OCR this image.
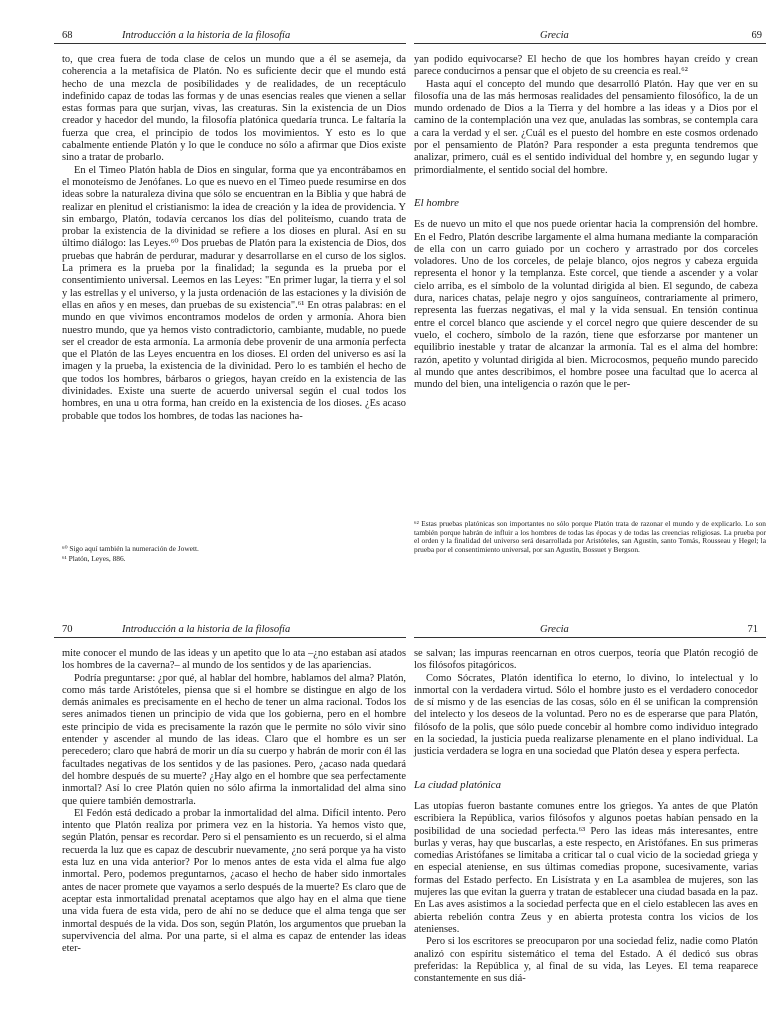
68	Introducción a la historia de la filosofía

to, que crea fuera de toda clase de celos un mundo que a él se asemeja, da coherencia a la metafísica de Platón. No es suficiente decir que el mundo está hecho de una mezcla de posibilidades y de realidades, de un receptáculo indefinido capaz de todas las formas y de unas esencias reales que vienen a sellar estas formas para que surjan, vivas, las creaturas. Sin la existencia de un Dios creador y hacedor del mundo, la filosofía platónica quedaría trunca. Le faltaría la fuerza que crea, el principio de todos los movimientos. Y esto es lo que cabalmente entiende Platón y lo que le conduce no sólo a afirmar que Dios existe sino a tratar de probarlo.

En el Timeo Platón habla de Dios en singular, forma que ya encontrábamos en el monoteísmo de Jenófanes. Lo que es nuevo en el Timeo puede resumirse en dos ideas sobre la naturaleza divina que sólo se encuentran en la Biblia y que habrá de realizar en plenitud el cristianismo: la idea de creación y la idea de providencia. Y sin embargo, Platón, todavía cercanos los días del politeísmo, cuando trata de probar la existencia de la divinidad se refiere a los dioses en plural. Así en su último diálogo: las Leyes.⁶⁰ Dos pruebas de Platón para la existencia de Dios, dos pruebas que habrán de perdurar, madurar y desarrollarse en el curso de los siglos. La primera es la prueba por la finalidad; la segunda es la prueba por el consentimiento universal. Leemos en las Leyes: "En primer lugar, la tierra y el sol y las estrellas y el universo, y la justa ordenación de las estaciones y la división de ellas en años y en meses, dan pruebas de su existencia".⁶¹ En otras palabras: en el mundo en que vivimos encontramos modelos de orden y armonía. Ahora bien nuestro mundo, que ya hemos visto contradictorio, cambiante, mudable, no puede ser el creador de esta armonía. La armonía debe provenir de una armonía perfecta que el Platón de las Leyes encuentra en los dioses. El orden del universo es así la imagen y la prueba, la existencia de la divinidad. Pero lo es también el hecho de que todos los hombres, bárbaros o griegos, hayan creído en la existencia de las divinidades. Existe una suerte de acuerdo universal según el cual todos los hombres, en una u otra forma, han creído en la existencia de los dioses. ¿Es acaso probable que todos los hombres, de todas las naciones ha-

⁶⁰ Sigo aquí también la numeración de Jowett.

⁶¹ Platón, Leyes, 886.

Grecia	69

yan podido equivocarse? El hecho de que los hombres hayan creído y crean parece conducirnos a pensar que el objeto de su creencia es real.⁶²

Hasta aquí el concepto del mundo que desarrolló Platón. Hay que ver en su filosofía una de las más hermosas realidades del pensamiento filosófico, la de un mundo ordenado de Dios a la Tierra y del hombre a las ideas y a Dios por el camino de la contemplación una vez que, anuladas las sombras, se contempla cara a cara la verdad y el ser. ¿Cuál es el puesto del hombre en este cosmos ordenado por el pensamiento de Platón? Para responder a esta pregunta tendremos que analizar, primero, cuál es el sentido individual del hombre y, en segundo lugar y primordialmente, el sentido social del hombre.

El hombre

Es de nuevo un mito el que nos puede orientar hacia la comprensión del hombre. En el Fedro, Platón describe largamente el alma humana mediante la comparación de ella con un carro guiado por un cochero y arrastrado por dos corceles voladores. Uno de los corceles, de pelaje blanco, ojos negros y cabeza erguida representa el honor y la templanza. Este corcel, que tiende a ascender y a volar cielo arriba, es el símbolo de la voluntad dirigida al bien. El segundo, de cabeza dura, narices chatas, pelaje negro y ojos sanguíneos, contrariamente al primero, representa las fuerzas negativas, el mal y la vida sensual. En tensión continua entre el corcel blanco que asciende y el corcel negro que quiere descender de su vuelo, el cochero, símbolo de la razón, tiene que esforzarse por mantener un equilibrio inestable y tratar de alcanzar la armonía. Tal es el alma del hombre: razón, apetito y voluntad dirigida al bien. Microcosmos, pequeño mundo parecido al mundo que antes describimos, el hombre posee una facultad que lo acerca al mundo del bien, una inteligencia o razón que le per-

⁶² Estas pruebas platónicas son importantes no sólo porque Platón trata de razonar el mundo y de explicarlo. Lo son también porque habrán de influir a los hombres de todas las épocas y de todas las creencias religiosas. La prueba por el orden y la finalidad del universo será desarrollada por Aristóteles, san Agustín, santo Tomás, Rousseau y Hegel; la prueba por el consentimiento universal, por san Agustín, Bossuet y Bergson.

70	Introducción a la historia de la filosofía

mite conocer el mundo de las ideas y un apetito que lo ata –¿no estaban así atados los hombres de la caverna?– al mundo de los sentidos y de las apariencias.

Podría preguntarse: ¿por qué, al hablar del hombre, hablamos del alma? Platón, como más tarde Aristóteles, piensa que si el hombre se distingue en algo de los demás animales es precisamente en el hecho de tener un alma racional. Todos los seres animados tienen un principio de vida que los gobierna, pero en el hombre este principio de vida es precisamente la razón que le permite no sólo vivir sino entender y ascender al mundo de las ideas. Claro que el hombre es un ser perecedero; claro que habrá de morir un día su cuerpo y habrán de morir con él las facultades negativas de los sentidos y de las pasiones. Pero, ¿acaso nada quedará del hombre después de su muerte? ¿Hay algo en el hombre que sea perfectamente inmortal? Así lo cree Platón quien no sólo afirma la inmortalidad del alma sino que quiere también demostrarla.

El Fedón está dedicado a probar la inmortalidad del alma. Difícil intento. Pero intento que Platón realiza por primera vez en la historia. Ya hemos visto que, según Platón, pensar es recordar. Pero si el pensamiento es un recuerdo, si el alma recuerda la luz que es capaz de descubrir nuevamente, ¿no será porque ya ha visto esta luz en una vida anterior? Por lo menos antes de esta vida el alma fue algo inmortal. Pero, podemos preguntarnos, ¿acaso el hecho de haber sido inmortales antes de nacer promete que vayamos a serlo después de la muerte? Es claro que de aceptar esta inmortalidad prenatal aceptamos que algo hay en el alma que tiene una vida fuera de esta vida, pero de ahí no se deduce que el alma tenga que ser inmortal después de la vida. Dos son, según Platón, los argumentos que prueban la supervivencia del alma. Por una parte, si el alma es capaz de entender las ideas eter-

Grecia	71

se salvan; las impuras reencarnan en otros cuerpos, teoría que Platón recogió de los filósofos pitagóricos.

Como Sócrates, Platón identifica lo eterno, lo divino, lo intelectual y lo inmortal con la verdadera virtud. Sólo el hombre justo es el verdadero conocedor de sí mismo y de las esencias de las cosas, sólo en él se unifican la comprensión del intelecto y los deseos de la voluntad. Pero no es de esperarse que para Platón, filósofo de la polis, que sólo puede concebir al hombre como individuo integrado en la sociedad, la justicia pueda realizarse plenamente en el plano individual. La justicia verdadera se logra en una sociedad que Platón desea y espera perfecta.

La ciudad platónica

Las utopías fueron bastante comunes entre los griegos. Ya antes de que Platón escribiera la República, varios filósofos y algunos poetas habían pensado en la posibilidad de una sociedad perfecta.⁶³ Pero las ideas más interesantes, entre burlas y veras, hay que buscarlas, a este respecto, en Aristófanes. En sus primeras comedias Aristófanes se limitaba a criticar tal o cual vicio de la sociedad griega y en especial ateniense, en sus últimas comedias propone, sucesivamente, varias formas del Estado perfecto. En Lisístrata y en La asamblea de mujeres, son las mujeres las que evitan la guerra y tratan de establecer una ciudad basada en la paz. En Las aves asistimos a la sociedad perfecta que en el cielo establecen las aves en abierta rebelión contra Zeus y en abierta protesta contra los vicios de los atenienses.

Pero si los escritores se preocuparon por una sociedad feliz, nadie como Platón analizó con espíritu sistemático el tema del Estado. A él dedicó sus obras preferidas: la República y, al final de su vida, las Leyes. El tema reaparece constantemente en sus diá-
